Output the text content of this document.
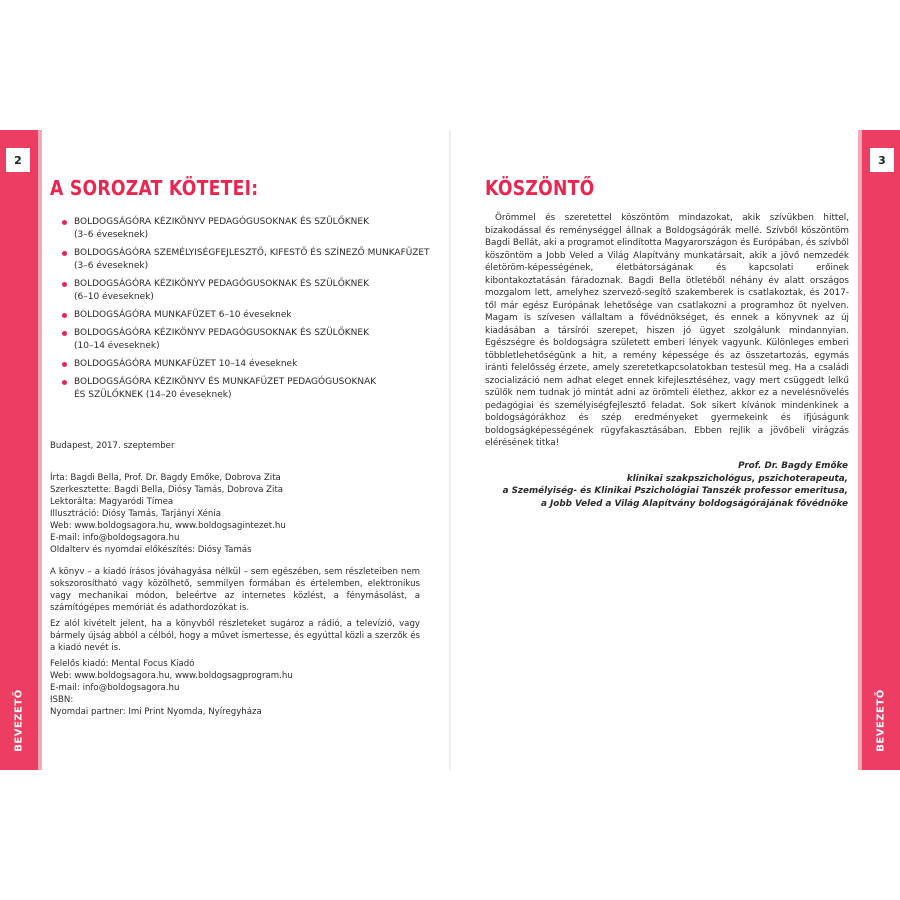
2
BEVEZETŐ
3
BEVEZETŐ
A SOROZAT KÖTETEI:
BOLDOGSÁGÓRA KÉZIKÖNYV PEDAGÓGUSOKNAK ÉS SZÜLŐKNEK
(3–6 éveseknek)
BOLDOGSÁGÓRA SZEMÉLYISÉGFEJLESZTŐ, KIFESTŐ ÉS SZÍNEZŐ MUNKAFÜZET
(3–6 éveseknek)
BOLDOGSÁGÓRA KÉZIKÖNYV PEDAGÓGUSOKNAK ÉS SZÜLŐKNEK
(6–10 éveseknek)
BOLDOGSÁGÓRA MUNKAFÜZET 6–10 éveseknek
BOLDOGSÁGÓRA KÉZIKÖNYV PEDAGÓGUSOKNAK ÉS SZÜLŐKNEK
(10–14 éveseknek)
BOLDOGSÁGÓRA MUNKAFÜZET 10–14 éveseknek
BOLDOGSÁGÓRA KÉZIKÖNYV ÉS MUNKAFÜZET PEDAGÓGUSOKNAK
ÉS SZÜLŐKNEK (14–20 éveseknek)
Budapest, 2017. szeptember
Írta: Bagdi Bella, Prof. Dr. Bagdy Emőke, Dobrova Zita
Szerkesztette: Bagdi Bella, Diósy Tamás, Dobrova Zita
Lektorálta: Magyaródi Tímea
Illusztráció: Diósy Tamás, Tarjányi Xénia
Web: www.boldogsagora.hu, www.boldogsagintezet.hu
E-mail: info@boldogsagora.hu
Oldalterv és nyomdai előkészítés: Diósy Tamás

A könyv – a kiadó írásos jóváhagyása nélkül – sem egészében, sem részleteiben nem sokszorosítható vagy közölhető, semmilyen formában és értelemben, elektronikus vagy mechanikai módon, beleértve az internetes közlést, a fénymásolást, a számítógépes memóriát és adathordozókat is.

Ez alól kivételt jelent, ha a könyvből részleteket sugároz a rádió, a televízió, vagy bármely újság abból a célból, hogy a művet ismertesse, és egyúttal közli a szerzők és a kiadó nevét is.

Felelős kiadó: Mental Focus Kiadó
Web: www.boldogsagora.hu, www.boldogsagprogram.hu
E-mail: info@boldogsagora.hu
ISBN:
Nyomdai partner: Imi Print Nyomda, Nyíregyháza
KÖSZÖNTŐ

Örömmel és szeretettel köszöntöm mindazokat, akik szívükben hittel, bizakodással és reménységgel állnak a Boldogságórák mellé. Szívből köszöntöm Bagdi Bellát, aki a programot elindította Magyarországon és Európában, és szívből köszöntöm a Jobb Veled a Világ Alapítvány munkatársait, akik a jövő nemzedék életöröm-képességének, életbátorságának és kapcsolati erőinek kibontakoztatásán fáradoznak. Bagdi Bella ötletéből néhány év alatt országos mozgalom lett, amelyhez szervező-segítő szakemberek is csatlakoztak, és 2017-től már egész Európának lehetősége van csatlakozni a programhoz öt nyelven. Magam is szívesen vállaltam a fővédnökséget, és ennek a könyvnek az új kiadásában a társírói szerepet, hiszen jó ügyet szolgálunk mindannyian. Egészségre és boldogságra született emberi lények vagyunk. Különleges emberi többletlehetőségünk a hit, a remény képessége és az összetartozás, egymás iránti felelősség érzete, amely szeretetkapcsolatokban testesül meg. Ha a családi szocializáció nem adhat eleget ennek kifejlesztéséhez, vagy mert csüggedt lelkű szülők nem tudnak jó mintát adni az örömteli élethez, akkor ez a nevelésnövelés pedagógiai és személyiségfejlesztő feladat. Sok sikert kívánok mindenkinek a boldogságórákhoz és szép eredményeket gyermekeink és ifjúságunk boldogságképességének rügyfakasztásában. Ebben rejlik a jövőbeli virágzás elérésének titka!

Prof. Dr. Bagdy Emőke
klinikai szakpszichológus, pszichoterapeuta,
a Személyiség- és Klinikai Pszichológiai Tanszék professor emeritusa,
a Jobb Veled a Világ Alapítvány boldogságórájának fővédnöke
